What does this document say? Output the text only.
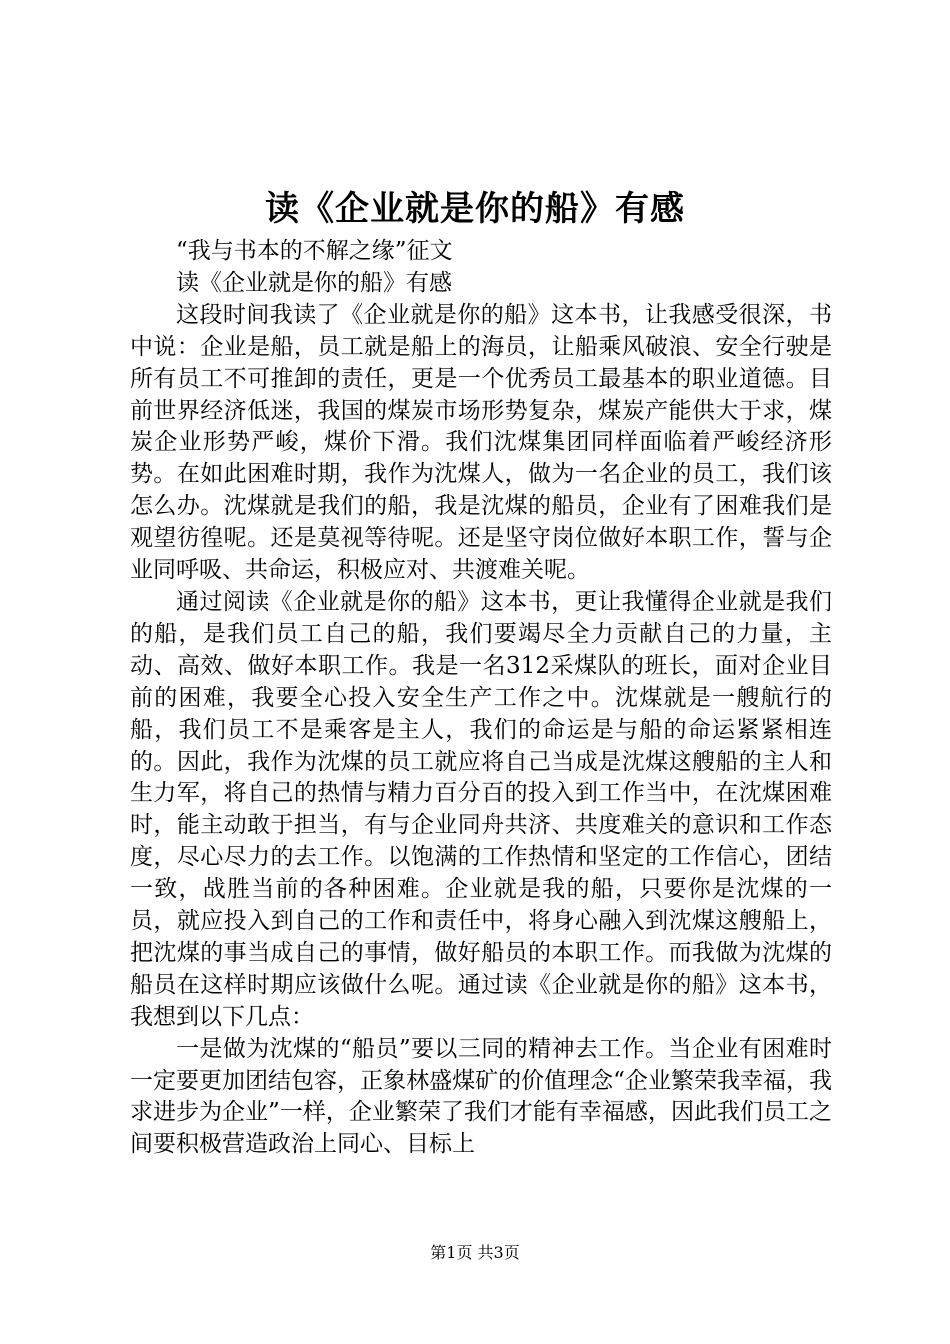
读《企业就是你的船》有感

“我与书本的不解之缘”征文

读《企业就是你的船》有感

这段时间我读了《企业就是你的船》这本书，让我感受很深，书中说：企业是船，员工就是船上的海员，让船乘风破浪、安全行驶是所有员工不可推卸的责任，更是一个优秀员工最基本的职业道德。目前世界经济低迷，我国的煤炭市场形势复杂，煤炭产能供大于求，煤炭企业形势严峻，煤价下滑。我们沈煤集团同样面临着严峻经济形势。在如此困难时期，我作为沈煤人，做为一名企业的员工，我们该怎么办。沈煤就是我们的船，我是沈煤的船员，企业有了困难我们是观望彷徨呢。还是莫视等待呢。还是坚守岗位做好本职工作，誓与企业同呼吸、共命运，积极应对、共渡难关呢。

通过阅读《企业就是你的船》这本书，更让我懂得企业就是我们的船，是我们员工自己的船，我们要竭尽全力贡献自己的力量，主动、高效、做好本职工作。我是一名312采煤队的班长，面对企业目前的困难，我要全心投入安全生产工作之中。沈煤就是一艘航行的船，我们员工不是乘客是主人，我们的命运是与船的命运紧紧相连的。因此，我作为沈煤的员工就应将自己当成是沈煤这艘船的主人和生力军，将自己的热情与精力百分百的投入到工作当中，在沈煤困难时，能主动敢于担当，有与企业同舟共济、共度难关的意识和工作态度，尽心尽力的去工作。以饱满的工作热情和坚定的工作信心，团结一致，战胜当前的各种困难。企业就是我的船，只要你是沈煤的一员，就应投入到自己的工作和责任中，将身心融入到沈煤这艘船上，把沈煤的事当成自己的事情，做好船员的本职工作。而我做为沈煤的船员在这样时期应该做什么呢。通过读《企业就是你的船》这本书，我想到以下几点：

一是做为沈煤的“船员”要以三同的精神去工作。当企业有困难时一定要更加团结包容，正象林盛煤矿的价值理念“企业繁荣我幸福，我求进步为企业”一样，企业繁荣了我们才能有幸福感，因此我们员工之间要积极营造政治上同心、目标上

第1页 共3页
